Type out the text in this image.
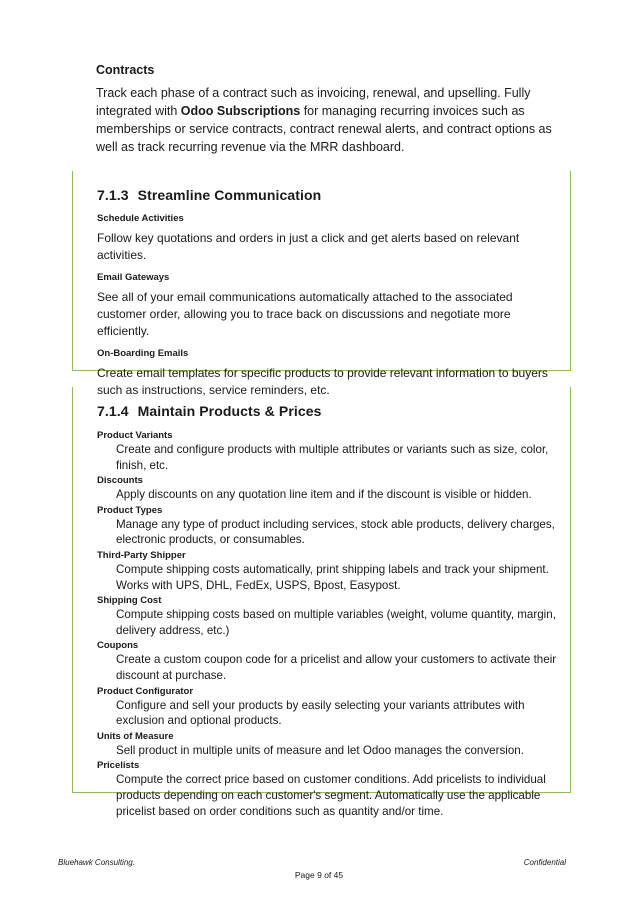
Contracts

Track each phase of a contract such as invoicing, renewal, and upselling. Fully integrated with Odoo Subscriptions for managing recurring invoices such as memberships or service contracts, contract renewal alerts, and contract options as well as track recurring revenue via the MRR dashboard.

7.1.3 Streamline Communication
Schedule Activities
Follow key quotations and orders in just a click and get alerts based on relevant activities.
Email Gateways
See all of your email communications automatically attached to the associated customer order, allowing you to trace back on discussions and negotiate more efficiently.
On-Boarding Emails
Create email templates for specific products to provide relevant information to buyers such as instructions, service reminders, etc.
7.1.4 Maintain Products & Prices
Product Variants
Create and configure products with multiple attributes or variants such as size, color, finish, etc.
Discounts
Apply discounts on any quotation line item and if the discount is visible or hidden.
Product Types
Manage any type of product including services, stock able products, delivery charges, electronic products, or consumables.
Third-Party Shipper
Compute shipping costs automatically, print shipping labels and track your shipment. Works with UPS, DHL, FedEx, USPS, Bpost, Easypost.
Shipping Cost
Compute shipping costs based on multiple variables (weight, volume quantity, margin, delivery address, etc.)
Coupons
Create a custom coupon code for a pricelist and allow your customers to activate their discount at purchase.
Product Configurator
Configure and sell your products by easily selecting your variants attributes with exclusion and optional products.
Units of Measure
Sell product in multiple units of measure and let Odoo manages the conversion.
Pricelists
Compute the correct price based on customer conditions. Add pricelists to individual products depending on each customer's segment. Automatically use the applicable pricelist based on order conditions such as quantity and/or time.
Bluehawk Consulting.	Confidential
Page 9 of 45
